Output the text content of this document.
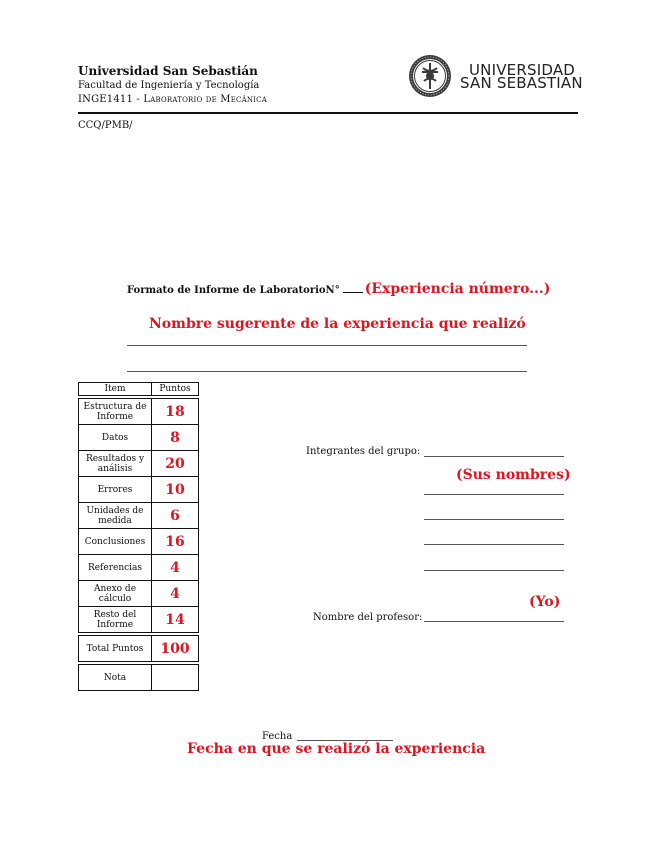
Universidad San Sebastián
Facultad de Ingeniería y Tecnología
INGE1411 - Laboratorio de Mecánica
UNIVERSIDAD
SAN SEBASTIAN
CCQ/PMB/
Formato de Informe de LaboratorioN° (Experiencia número...)
Nombre sugerente de la experiencia que realizó
Item	Puntos

Estructura de Informe	18
Datos	8
Resultados y análisis	20
Errores	10
Unidades de medida	6
Conclusiones	16
Referencias	4
Anexo de cálculo	4
Resto del Informe	14

Total Puntos	100

Nota	
Integrantes del grupo:
(Sus nombres)
(Yo)
Nombre del profesor:
Fecha
Fecha en que se realizó la experiencia
